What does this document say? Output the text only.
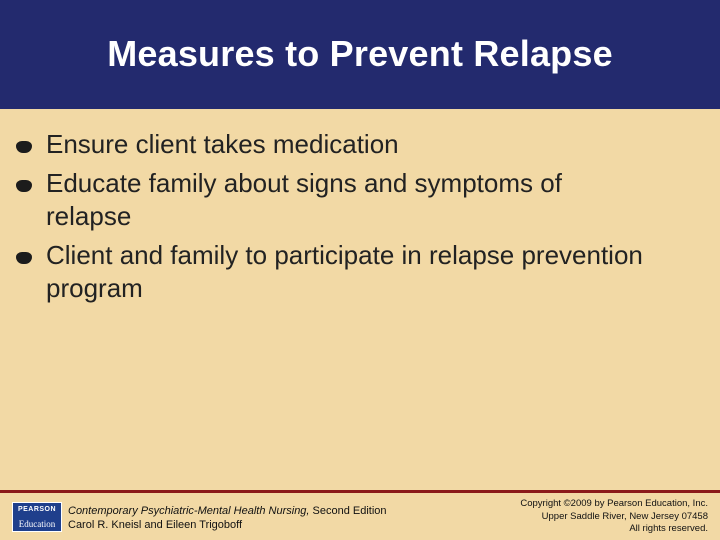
Measures to Prevent Relapse
Ensure client takes medication
Educate family about signs and symptoms of relapse
Client and family to participate in relapse prevention program
PEARSON
Education
Contemporary Psychiatric-Mental Health Nursing, Second Edition
Carol R. Kneisl and Eileen Trigoboff
Copyright ©2009 by Pearson Education, Inc.
Upper Saddle River, New Jersey 07458
All rights reserved.
